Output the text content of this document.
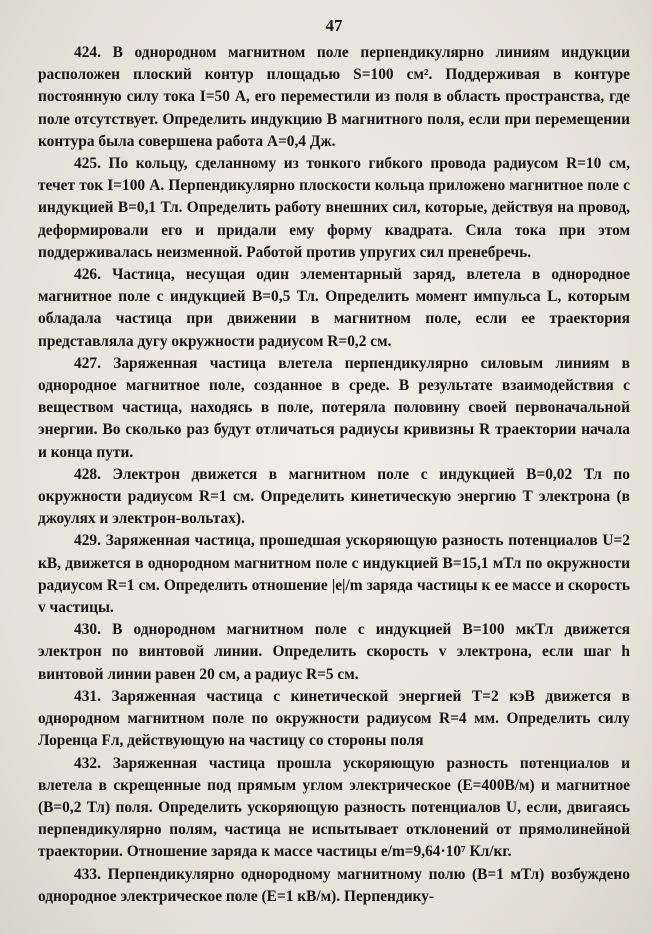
47

424. В однородном магнитном поле перпендикулярно линиям индукции расположен плоский контур площадью S=100 см². Поддерживая в контуре постоянную силу тока I=50 А, его переместили из поля в область пространства, где поле отсутствует. Определить индукцию B магнитного поля, если при перемещении контура была совершена работа A=0,4 Дж.

425. По кольцу, сделанному из тонкого гибкого провода радиусом R=10 см, течет ток I=100 А. Перпендикулярно плоскости кольца приложено магнитное поле с индукцией B=0,1 Тл. Определить работу внешних сил, которые, действуя на провод, деформировали его и придали ему форму квадрата. Сила тока при этом поддерживалась неизменной. Работой против упругих сил пренебречь.

426. Частица, несущая один элементарный заряд, влетела в однородное магнитное поле с индукцией B=0,5 Тл. Определить момент импульса L, которым обладала частица при движении в магнитном поле, если ее траектория представляла дугу окружности радиусом R=0,2 см.

427. Заряженная частица влетела перпендикулярно силовым линиям в однородное магнитное поле, созданное в среде. В результате взаимодействия с веществом частица, находясь в поле, потеряла половину своей первоначальной энергии. Во сколько раз будут отличаться радиусы кривизны R траектории начала и конца пути.

428. Электрон движется в магнитном поле с индукцией B=0,02 Тл по окружности радиусом R=1 см. Определить кинетическую энергию T электрона (в джоулях и электрон-вольтах).

429. Заряженная частица, прошедшая ускоряющую разность потенциалов U=2 кВ, движется в однородном магнитном поле с индукцией B=15,1 мТл по окружности радиусом R=1 см. Определить отношение |e|/m заряда частицы к ее массе и скорость v частицы.

430. В однородном магнитном поле с индукцией B=100 мкТл движется электрон по винтовой линии. Определить скорость v электрона, если шаг h винтовой линии равен 20 см, а радиус R=5 см.

431. Заряженная частица с кинетической энергией T=2 кэВ движется в однородном магнитном поле по окружности радиусом R=4 мм. Определить силу Лоренца Fл, действующую на частицу со стороны поля

432. Заряженная частица прошла ускоряющую разность потенциалов и влетела в скрещенные под прямым углом электрическое (E=400В/м) и магнитное (B=0,2 Тл) поля. Определить ускоряющую разность потенциалов U, если, двигаясь перпендикулярно полям, частица не испытывает отклонений от прямолинейной траектории. Отношение заряда к массе частицы e/m=9,64·10⁷ Кл/кг.

433. Перпендикулярно однородному магнитному полю (B=1 мТл) возбуждено однородное электрическое поле (E=1 кВ/м). Перпендику-
